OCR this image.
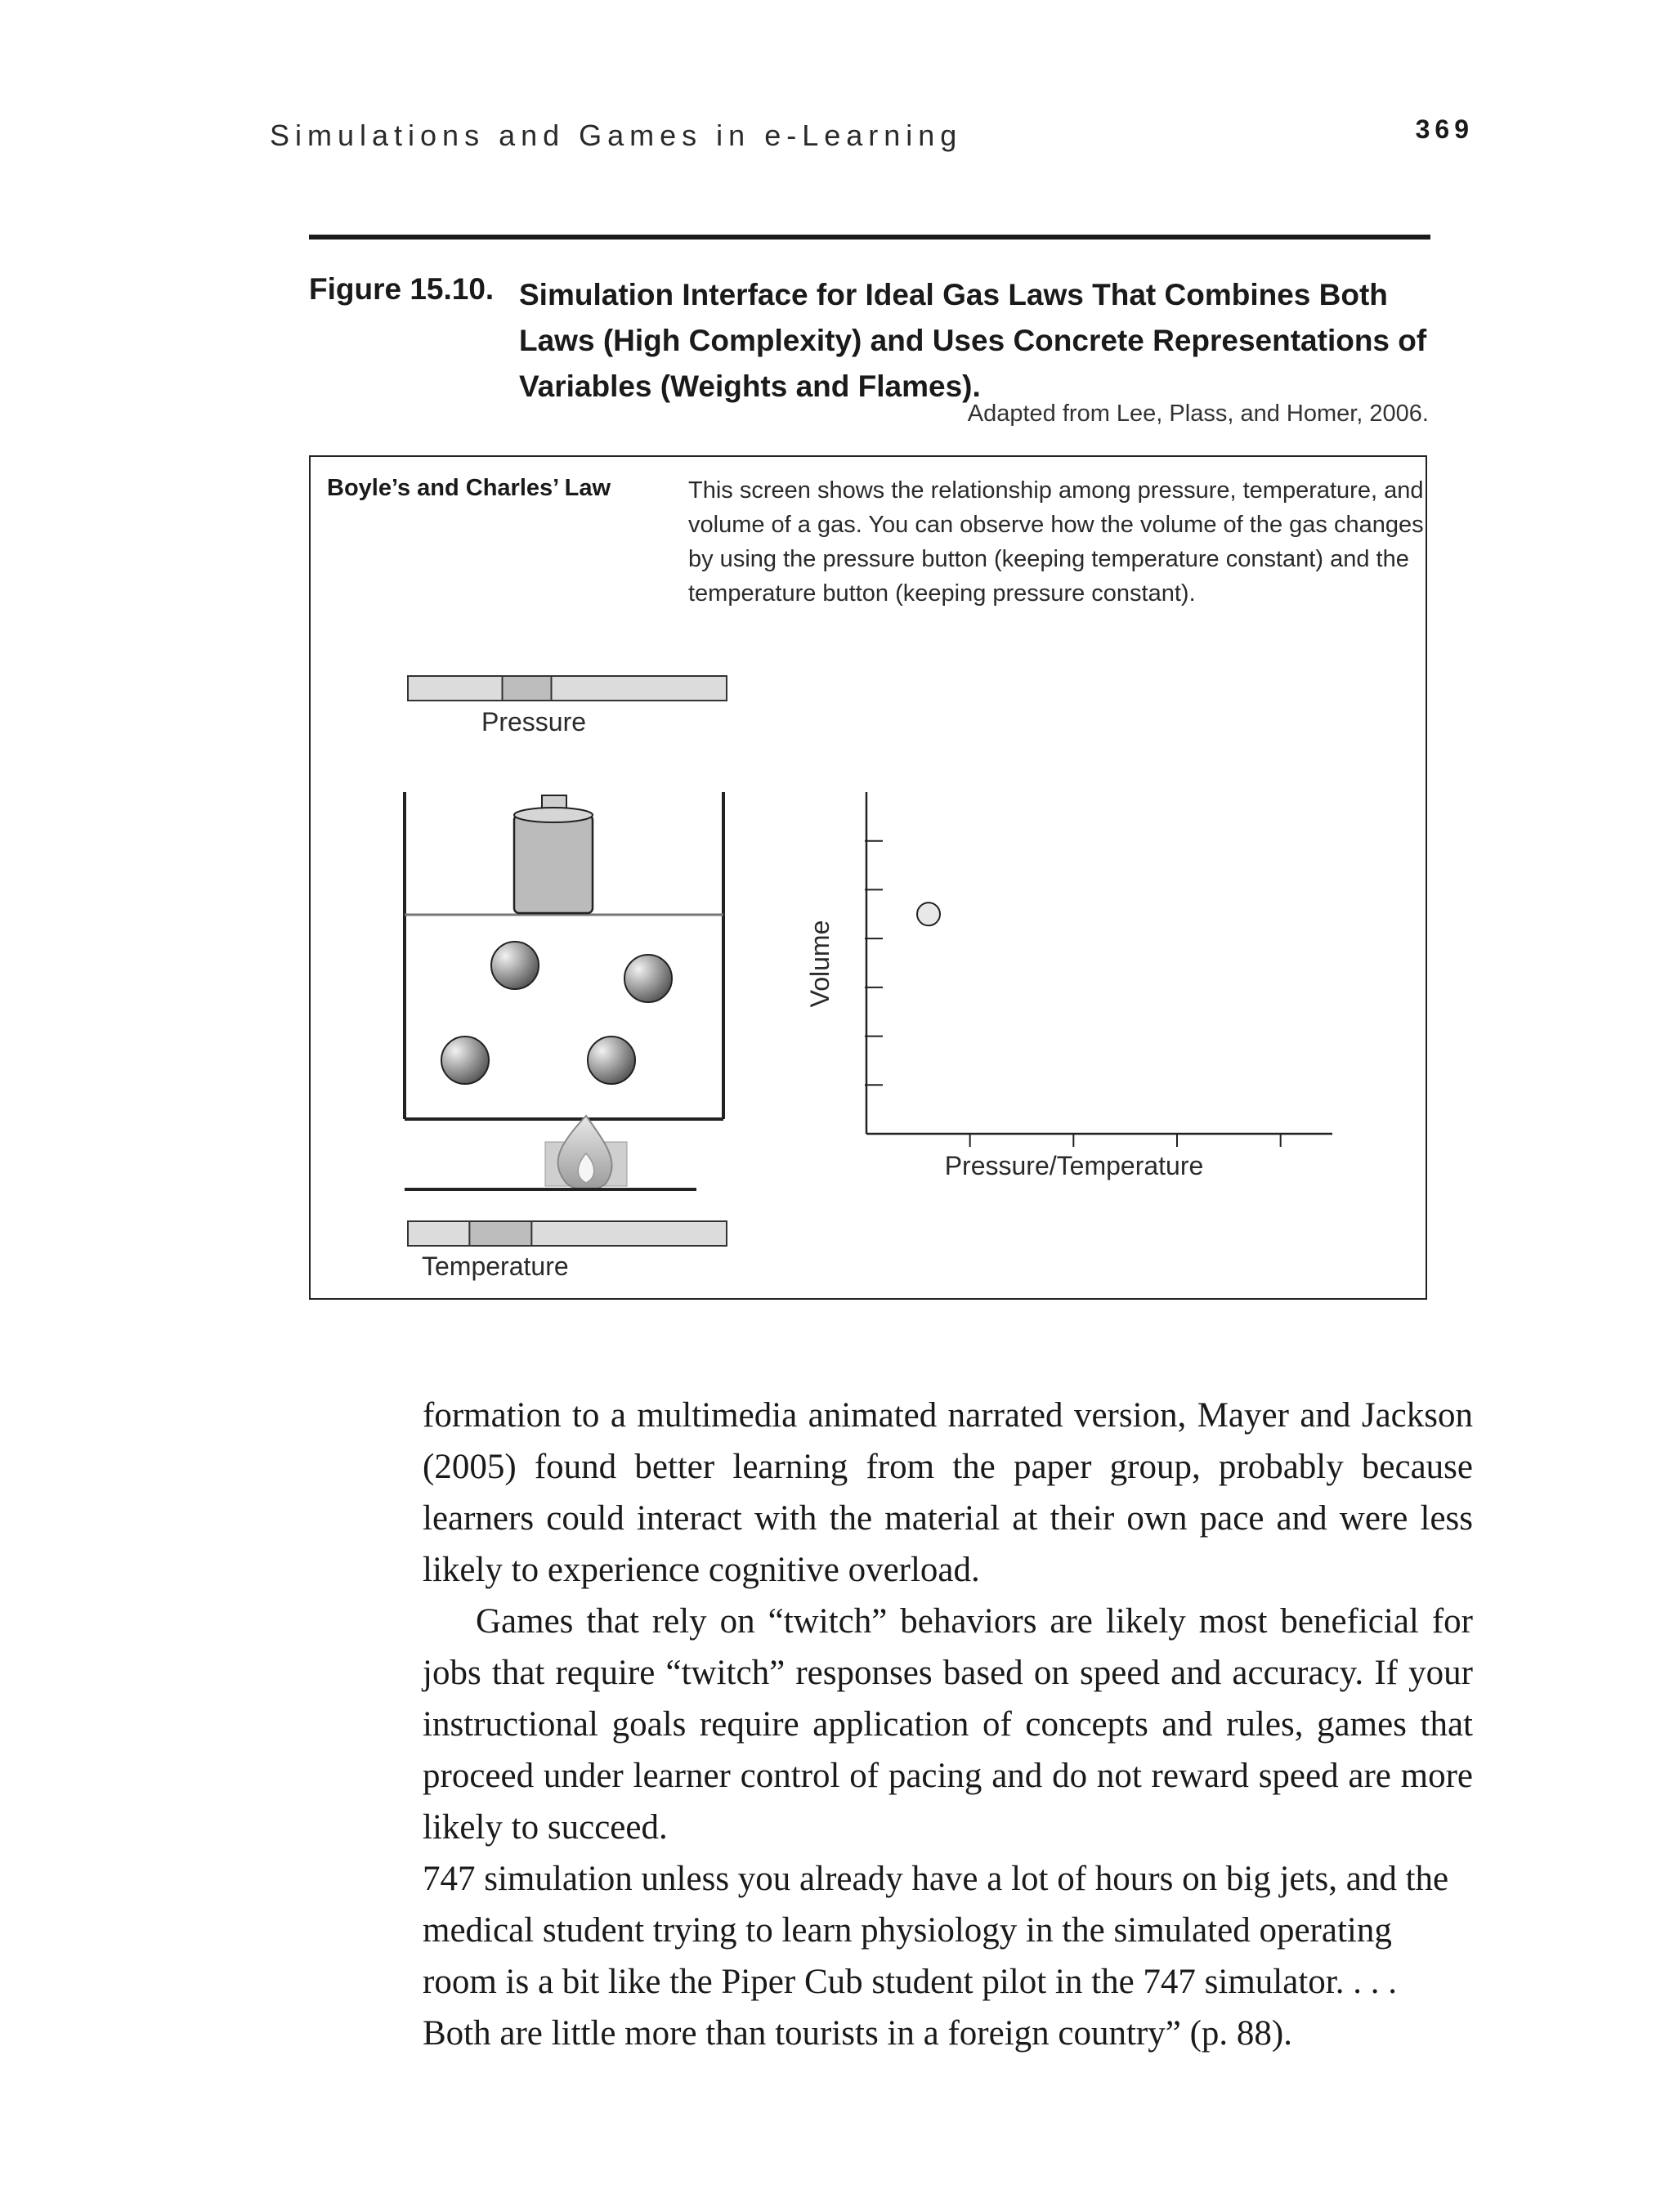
Simulations and Games in e-Learning	369
Figure 15.10. Simulation Interface for Ideal Gas Laws That Combines Both Laws (High Complexity) and Uses Concrete Representations of Variables (Weights and Flames).
Adapted from Lee, Plass, and Homer, 2006.
Boyle’s and Charles’ Law	This screen shows the relationship among pressure, temperature, and volume of a gas. You can observe how the volume of the gas changes by using the pressure button (keeping temperature constant) and the temperature button (keeping pressure constant).
Pressure
Temperature
Volume
Pressure/Temperature

formation to a multimedia animated narrated version, Mayer and Jackson (2005) found better learning from the paper group, probably because learners could interact with the material at their own pace and were less likely to experience cognitive overload.

Games that rely on “twitch” behaviors are likely most beneficial for jobs that require “twitch” responses based on speed and accuracy. If your instructional goals require application of concepts and rules, games that proceed under learner control of pacing and do not reward speed are more likely to succeed.

747 simulation unless you already have a lot of hours on big jets, and the medical student trying to learn physiology in the simulated operating room is a bit like the Piper Cub student pilot in the 747 simulator. . . . Both are little more than tourists in a foreign country” (p. 88).
